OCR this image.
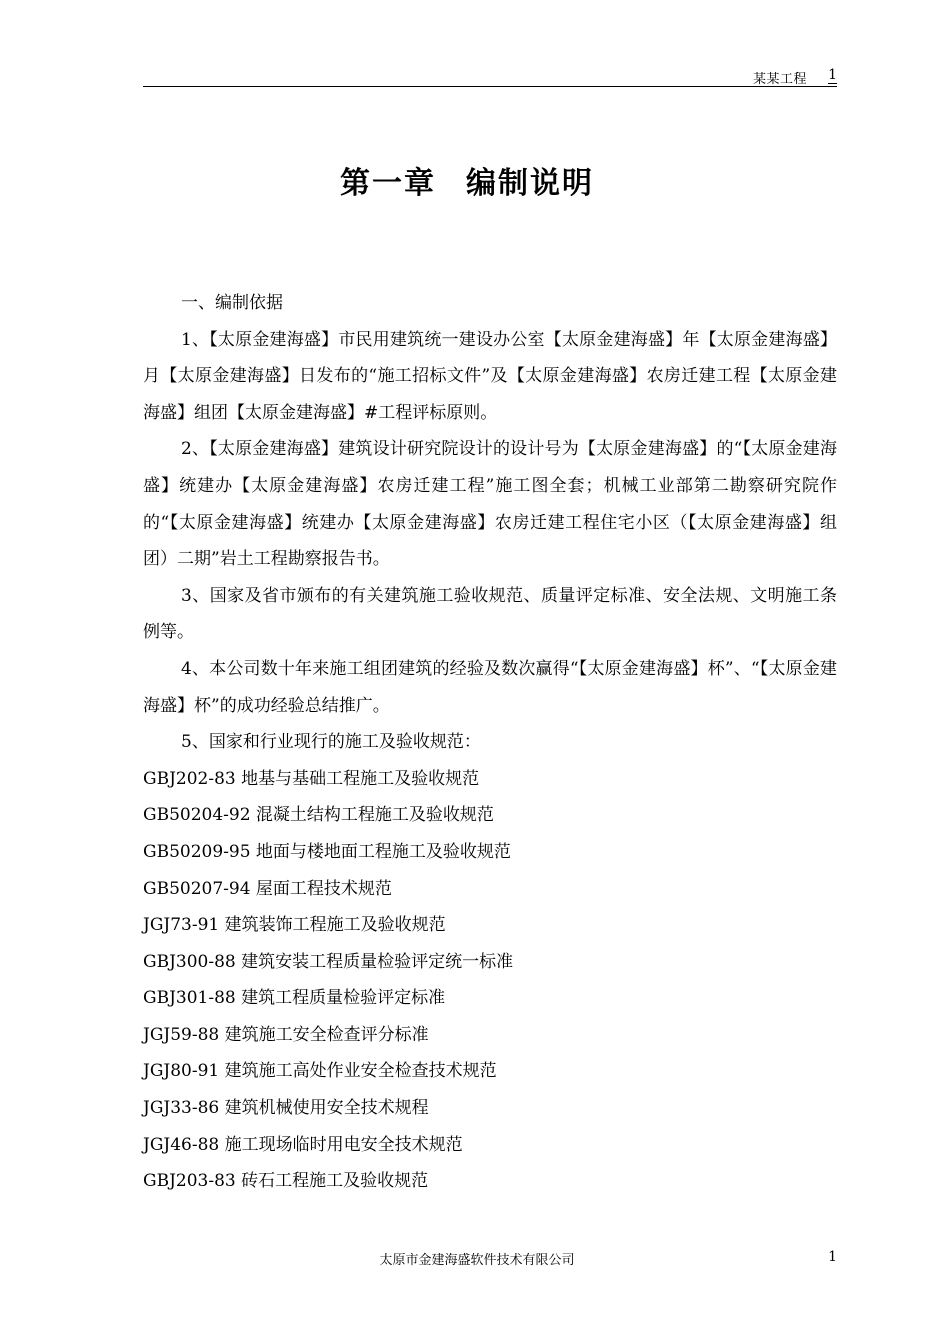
某某工程 1
第一章 编制说明

一、编制依据

1、【太原金建海盛】市民用建筑统一建设办公室【太原金建海盛】年【太原金建海盛】月【太原金建海盛】日发布的“施工招标文件”及【太原金建海盛】农房迁建工程【太原金建海盛】组团【太原金建海盛】#工程评标原则。

2、【太原金建海盛】建筑设计研究院设计的设计号为【太原金建海盛】的“【太原金建海盛】统建办【太原金建海盛】农房迁建工程”施工图全套；机械工业部第二勘察研究院作的“【太原金建海盛】统建办【太原金建海盛】农房迁建工程住宅小区（【太原金建海盛】组团）二期”岩土工程勘察报告书。

3、国家及省市颁布的有关建筑施工验收规范、质量评定标准、安全法规、文明施工条例等。

4、本公司数十年来施工组团建筑的经验及数次赢得“【太原金建海盛】杯”、“【太原金建海盛】杯”的成功经验总结推广。

5、国家和行业现行的施工及验收规范：

GBJ202-83 地基与基础工程施工及验收规范

GB50204-92 混凝土结构工程施工及验收规范

GB50209-95 地面与楼地面工程施工及验收规范

GB50207-94 屋面工程技术规范

JGJ73-91 建筑装饰工程施工及验收规范

GBJ300-88 建筑安装工程质量检验评定统一标准

GBJ301-88 建筑工程质量检验评定标准

JGJ59-88 建筑施工安全检查评分标准

JGJ80-91 建筑施工高处作业安全检查技术规范

JGJ33-86 建筑机械使用安全技术规程

JGJ46-88 施工现场临时用电安全技术规范

GBJ203-83 砖石工程施工及验收规范

太原市金建海盛软件技术有限公司	1
